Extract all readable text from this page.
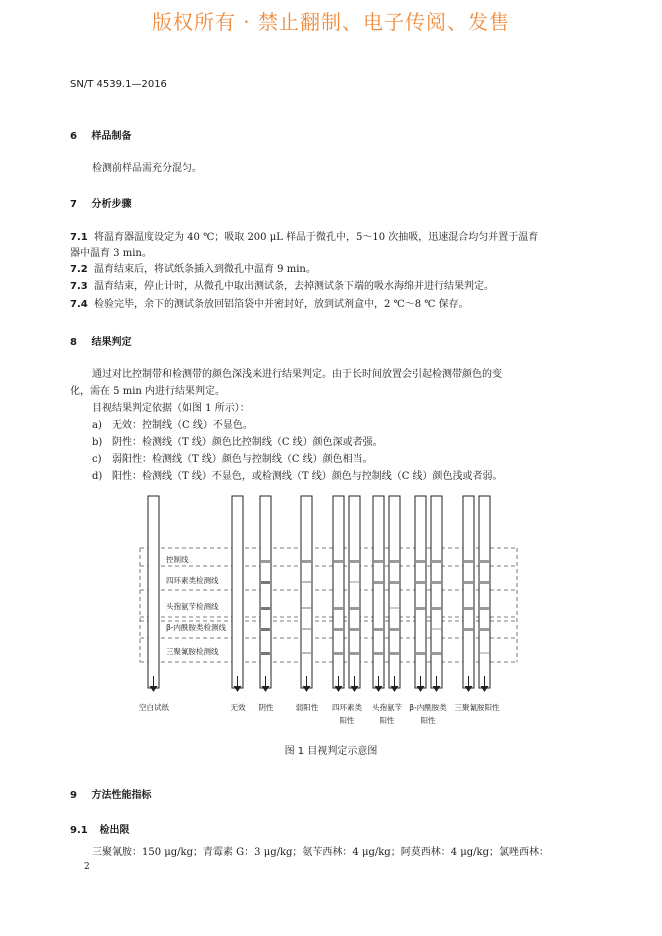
版权所有 · 禁止翻制、电子传阅、发售
SN/T 4539.1—2016
6 样品制备
检测前样品需充分混匀。
7 分析步骤
7.1 将温育器温度设定为 40 ℃；吸取 200 μL 样品于微孔中，5～10 次抽吸，迅速混合均匀并置于温育
器中温育 3 min。
7.2 温育结束后，将试纸条插入到微孔中温育 9 min。
7.3 温育结束，停止计时，从微孔中取出测试条，去掉测试条下端的吸水海绵并进行结果判定。
7.4 检验完毕，余下的测试条放回铝箔袋中并密封好，放到试剂盒中，2 ℃～8 ℃ 保存。
8 结果判定
通过对比控制带和检测带的颜色深浅来进行结果判定。由于长时间放置会引起检测带颜色的变
化，需在 5 min 内进行结果判定。
目视结果判定依据（如图 1 所示）：
a) 无效：控制线（C 线）不显色。
b) 阴性：检测线（T 线）颜色比控制线（C 线）颜色深或者强。
c) 弱阳性：检测线（T 线）颜色与控制线（C 线）颜色相当。
d) 阳性：检测线（T 线）不显色，或检测线（T 线）颜色与控制线（C 线）颜色浅或者弱。
控制线
四环素类检测线
头孢氨苄检测线
β-内酰胺类检测线
三聚氰胺检测线
空白试纸	无效 阴性	弱阳性 四环素类
阳性
头孢氨苄
阳性
β-内酰胺类
阳性
三聚氰胺阳性
图 1 目视判定示意图
9 方法性能指标
9.1 检出限
三聚氰胺：150 μg/kg；青霉素 G：3 μg/kg；氨苄西林：4 μg/kg；阿莫西林：4 μg/kg；氯唑西林：
2
